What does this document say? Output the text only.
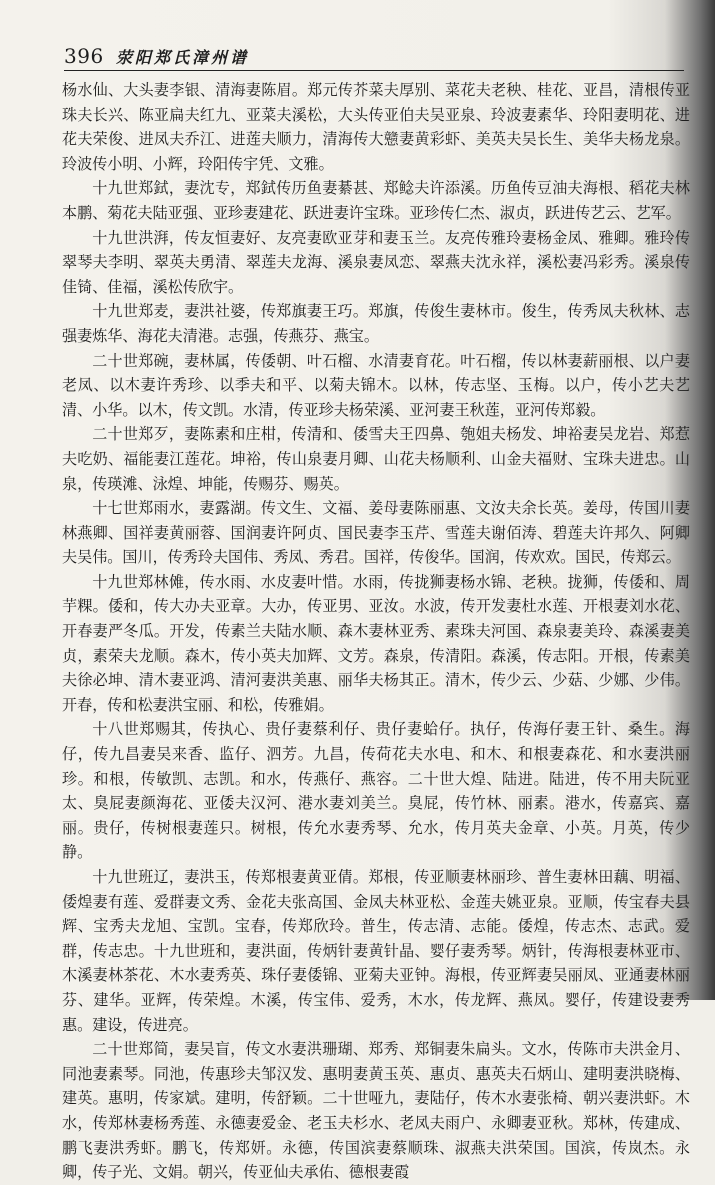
396 荥阳郑氏漳州谱

杨水仙、大头妻李银、清海妻陈眉。郑元传芥菜夫厚别、菜花夫老秧、桂花、亚昌，清根传亚珠夫长兴、陈亚扁夫红九、亚菜夫溪松，大头传亚伯夫吴亚泉、玲波妻素华、玲阳妻明花、进花夫荣俊、进凤夫乔江、进莲夫顺力，清海传大戆妻黄彩虾、美英夫吴长生、美华夫杨龙泉。玲波传小明、小辉，玲阳传宇凭、文雅。

十九世郑鉽，妻沈专，郑鉽传历鱼妻綦甚、郑鲶夫许添溪。历鱼传豆油夫海根、稻花夫林本鹏、菊花夫陆亚强、亚珍妻建花、跃进妻许宝珠。亚珍传仁杰、淑贞，跃进传艺云、艺军。

十九世洪湃，传友恒妻好、友亮妻欧亚芽和妻玉兰。友亮传雅玲妻杨金凤、雅卿。雅玲传翠琴夫李明、翠英夫勇清、翠莲夫龙海、溪泉妻凤恋、翠燕夫沈永祥，溪松妻冯彩秀。溪泉传佳锜、佳福，溪松传欣宇。

十九世郑麦，妻洪社婆，传郑旗妻王巧。郑旗，传俊生妻林市。俊生，传秀凤夫秋林、志强妻炼华、海花夫清港。志强，传燕芬、燕宝。

二十世郑碗，妻林属，传倭朝、叶石榴、水清妻育花。叶石榴，传以林妻薪丽根、以户妻老凤、以木妻许秀珍、以季夫和平、以菊夫锦木。以林，传志坚、玉梅。以户，传小艺夫艺清、小华。以木，传文凯。水清，传亚珍夫杨荣溪、亚河妻王秋莲，亚河传郑毅。

二十世郑歹，妻陈素和庄柑，传清和、倭雪夫王四鼻、匏姐夫杨发、坤裕妻吴龙岩、郑惹夫吃奶、福能妻江莲花。坤裕，传山泉妻月卿、山花夫杨顺利、山金夫福财、宝珠夫进忠。山泉，传瑛滩、泳煌、坤能，传赐芬、赐英。

十七世郑雨水，妻露湖。传文生、文福、姜母妻陈丽惠、文汝夫余长英。姜母，传国川妻林燕卿、国祥妻黄丽蓉、国润妻许阿贞、国民妻李玉芹、雪莲夫谢佰涛、碧莲夫许邦久、阿卿夫吴伟。国川，传秀玲夫国伟、秀凤、秀君。国祥，传俊华。国润，传欢欢。国民，传郑云。

十九世郑林傩，传水雨、水皮妻叶惜。水雨，传拢狮妻杨水锦、老秧。拢狮，传倭和、周芋粿。倭和，传大办夫亚章。大办，传亚男、亚汝。水波，传开发妻杜水莲、开根妻刘水花、开春妻严冬瓜。开发，传素兰夫陆水顺、森木妻林亚秀、素珠夫河国、森泉妻美玲、森溪妻美贞，素荣夫龙顺。森木，传小英夫加辉、文芳。森泉，传清阳。森溪，传志阳。开根，传素美夫徐必坤、清木妻亚鸿、清河妻洪美惠、丽华夫杨其正。清木，传少云、少菇、少娜、少伟。开春，传和松妻洪宝丽、和松，传雅娟。

十八世郑赐其，传执心、贵仔妻蔡利仔、贵仔妻蛤仔。执仔，传海仔妻王针、桑生。海仔，传九昌妻吴来香、监仔、泗芳。九昌，传荷花夫水电、和木、和根妻森花、和水妻洪丽珍。和根，传敏凯、志凯。和水，传燕仔、燕容。二十世大煌、陆进。陆进，传不用夫阮亚太、臭屁妻颜海花、亚倭夫汉河、港水妻刘美兰。臭屁，传竹林、丽素。港水，传嘉宾、嘉丽。贵仔，传树根妻莲只。树根，传允水妻秀琴、允水，传月英夫金章、小英。月英，传少静。

十九世班辽，妻洪玉，传郑根妻黄亚倩。郑根，传亚顺妻林丽珍、普生妻林田藕、明福、倭煌妻有莲、爱群妻文秀、金花夫张高国、金凤夫林亚松、金莲夫姚亚泉。亚顺，传宝春夫县辉、宝秀夫龙旭、宝凯。宝春，传郑欣玲。普生，传志清、志能。倭煌，传志杰、志武。爱群，传志忠。十九世班和，妻洪面，传炳针妻黄针晶、婴仔妻秀琴。炳针，传海根妻林亚市、木溪妻林茶花、木水妻秀英、珠仔妻倭锦、亚菊夫亚钟。海根，传亚辉妻吴丽凤、亚通妻林丽芬、建华。亚辉，传荣煌。木溪，传宝伟、爱秀，木水，传龙辉、燕凤。婴仔，传建设妻秀惠。建设，传进亮。

二十世郑简，妻吴盲，传文水妻洪珊瑚、郑秀、郑铜妻朱扁头。文水，传陈市夫洪金月、同池妻素琴。同池，传惠珍夫邹汉发、惠明妻黄玉英、惠贞、惠英夫石炳山、建明妻洪晓梅、建英。惠明，传家斌。建明，传舒颖。二十世哑九，妻陆仔，传木水妻张椅、朝兴妻洪虾。木水，传郑林妻杨秀莲、永德妻爱金、老玉夫杉水、老凤夫雨户、永卿妻亚秋。郑林，传建成、鹏飞妻洪秀虾。鹏飞，传郑妍。永德，传国滨妻蔡顺珠、淑燕夫洪荣国。国滨，传岚杰。永卿，传子光、文娟。朝兴，传亚仙夫承佑、德根妻霞
